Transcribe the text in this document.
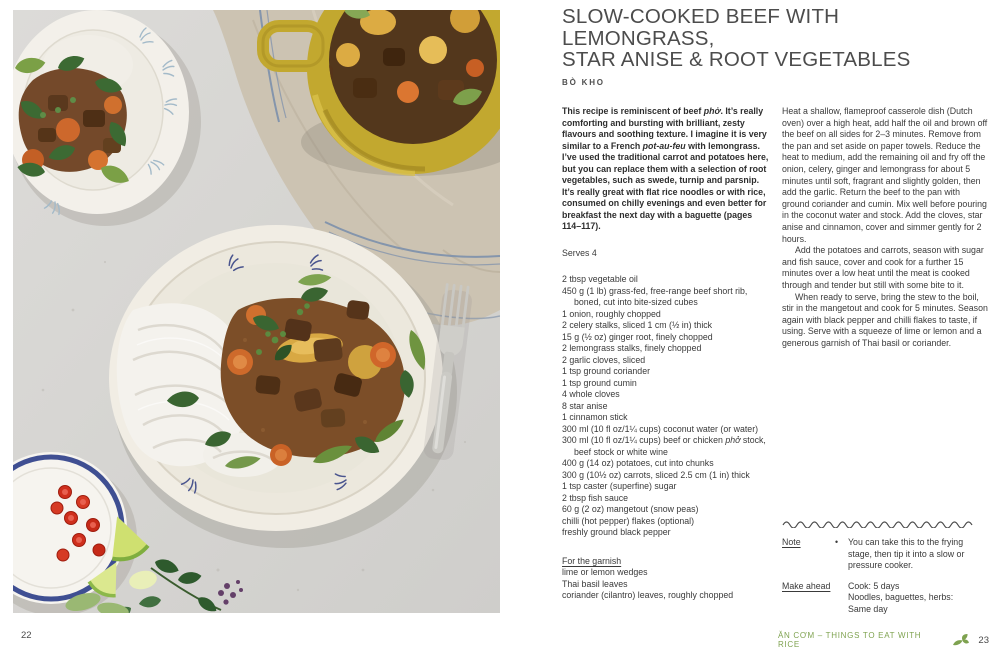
22
SLOW-COOKED BEEF WITH LEMONGRASS,
STAR ANISE & ROOT VEGETABLES
BÒ KHO

This recipe is reminiscent of beef phở. It’s really comforting and bursting with brilliant, zesty flavours and soothing texture. I imagine it is very similar to a French pot-au-feu with lemongrass. I’ve used the traditional carrot and potatoes here, but you can replace them with a selection of root vegetables, such as swede, turnip and parsnip. It’s really great with flat rice noodles or with rice, consumed on chilly evenings and even better for breakfast the next day with a baguette (pages 114–117).

Serves 4
2 tbsp vegetable oil
450 g (1 lb) grass-fed, free-range beef short rib, boned, cut into bite-sized cubes
1 onion, roughly chopped
2 celery stalks, sliced 1 cm (½ in) thick
15 g (½ oz) ginger root, finely chopped
2 lemongrass stalks, finely chopped
2 garlic cloves, sliced
1 tsp ground coriander
1 tsp ground cumin
4 whole cloves
8 star anise
1 cinnamon stick
300 ml (10 fl oz/1¼ cups) coconut water (or water)
300 ml (10 fl oz/1¼ cups) beef or chicken phở stock, beef stock or white wine
400 g (14 oz) potatoes, cut into chunks
300 g (10½ oz) carrots, sliced 2.5 cm (1 in) thick
1 tsp caster (superfine) sugar
2 tbsp fish sauce
60 g (2 oz) mangetout (snow peas)
chilli (hot pepper) flakes (optional)
freshly ground black pepper
For the garnish
lime or lemon wedges
Thai basil leaves
coriander (cilantro) leaves, roughly chopped

Heat a shallow, flameproof casserole dish (Dutch oven) over a high heat, add half the oil and brown off the beef on all sides for 2–3 minutes. Remove from the pan and set aside on paper towels. Reduce the heat to medium, add the remaining oil and fry off the onion, celery, ginger and lemongrass for about 5 minutes until soft, fragrant and slightly golden, then add the garlic. Return the beef to the pan with ground coriander and cumin. Mix well before pouring in the coconut water and stock. Add the cloves, star anise and cinnamon, cover and simmer gently for 2 hours.

Add the potatoes and carrots, season with sugar and fish sauce, cover and cook for a further 15 minutes over a low heat until the meat is cooked through and tender but still with some bite to it.

When ready to serve, bring the stew to the boil, stir in the mangetout and cook for 5 minutes. Season again with black pepper and chilli flakes to taste, if using. Serve with a squeeze of lime or lemon and a generous garnish of Thai basil or coriander.

Note	•	You can take this to the frying stage, then tip it into a slow or pressure cooker.
Make ahead	Cook: 5 days
Noodles, baguettes, herbs:
Same day
ĂN CƠM – THINGS TO EAT WITH RICE	23
